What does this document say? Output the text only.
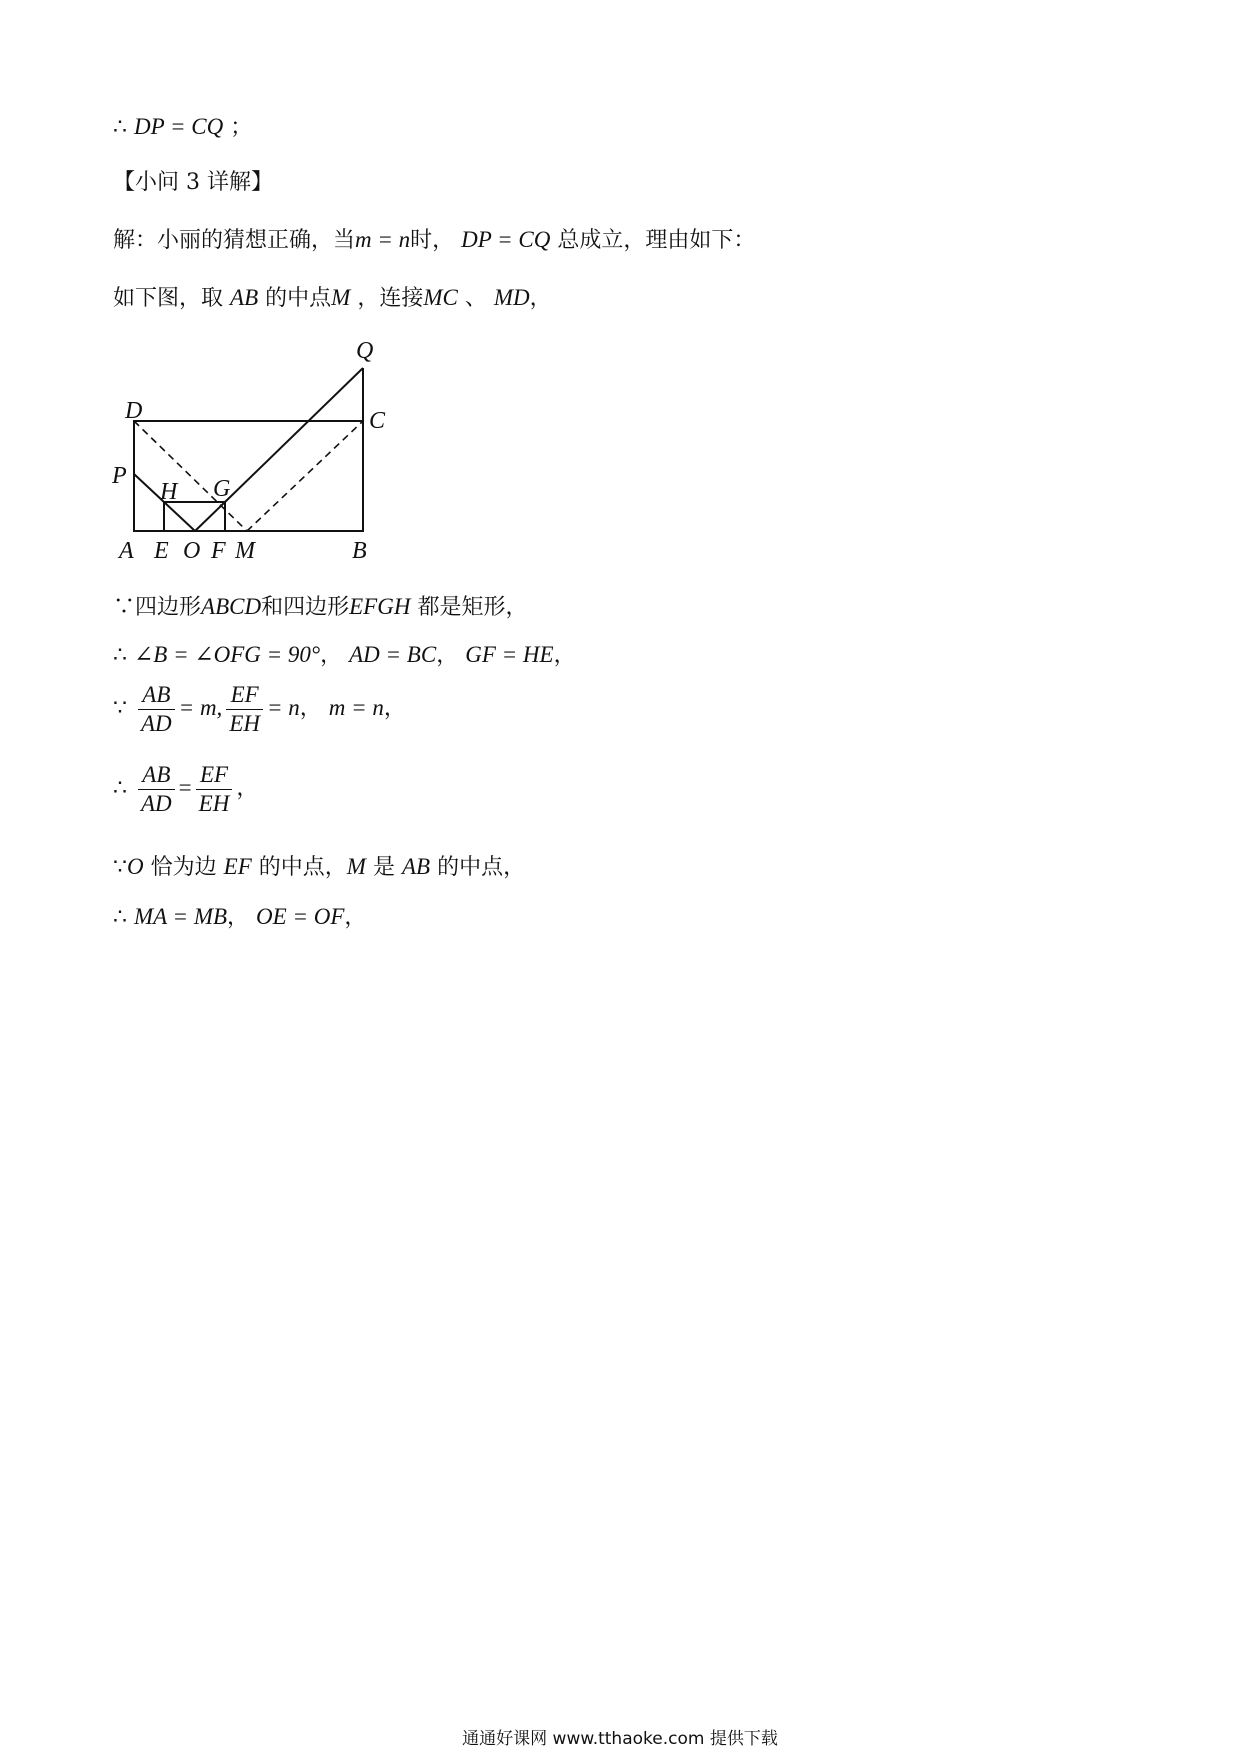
∴ DP = CQ ；
【小问 3 详解】
解：小丽的猜想正确，当m = n时， DP = CQ 总成立，理由如下：
如下图，取 AB 的中点M ，连接MC 、 MD，
Q
D	C
P
H G
A E O F M	B
∵四边形ABCD和四边形EFGH 都是矩形，
∴ ∠B = ∠OFG = 90°， AD = BC， GF = HE，
∵ $\frac{AB}{AD} = m$, $\frac{EF}{EH} = n$， m = n，
∴ $\frac{AB}{AD} = \frac{EF}{EH}$ ，
∵O 恰为边 EF 的中点，M 是 AB 的中点，
∴ MA = MB， OE = OF，
通通好课网 www.tthaoke.com 提供下载
